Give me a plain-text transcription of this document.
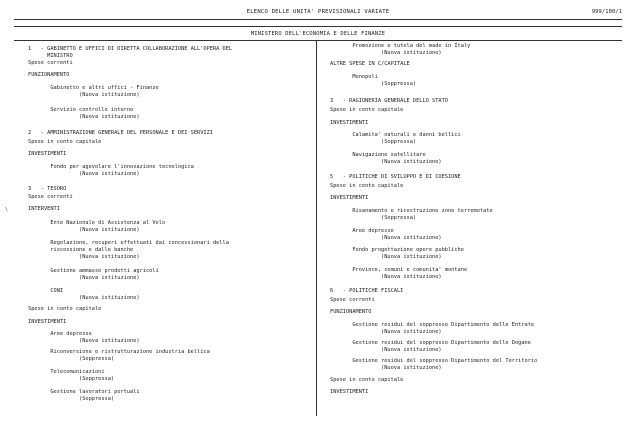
ELENCO DELLE UNITA' PREVISIONALI VARIATE	999/100/1
MINISTERO DELL'ECONOMIA E DELLE FINANZE
\
1   - GABINETTO E UFFICI DI DIRETTA COLLABORAZIONE ALL'OPERA DEL
MINISTRO
Spese correnti
FUNZIONAMENTO
Gabinetto e altri uffici - Finanze
(Nuova istituzione)
Servizio controllo interno
(Nuova istituzione)
2   - AMMINISTRAZIONE GENERALE DEL PERSONALE E DEI SERVIZI
Spese in conto capitale
INVESTIMENTI
Fondo per agevolare l'innovazione tecnologica
(Nuova istituzione)
3   - TESORO
Spese correnti
INTERVENTI
Ente Nazionale di Assistenza al Volo
(Nuova istituzione)
Regolazione, recuperi effettuati dai concessionari della
riscossione e dalle banche
(Nuova istituzione)
Gestione ammasso prodotti agricoli
(Nuova istituzione)
CONI
(Nuova istituzione)
Spese in conto capitale
INVESTIMENTI
Aree depresse
(Nuova istituzione)
Riconversione e ristrutturazione industria bellica
(Soppressa)
Telecomunicazioni
(Soppressa)
Gestione lavoratori portuali
(Soppressa)
Promozione e tutela del made in Italy
(Nuova istituzione)
ALTRE SPESE IN C/CAPITALE
Monopoli
(Soppressa)
3   - RAGIONERIA GENERALE DELLO STATO
Spese in conto capitale
INVESTIMENTI
Calamita' naturali e danni bellici
(Soppressa)
Navigazione satellitare
(Nuova istituzione)
5   - POLITICHE DI SVILUPPO E DI COESIONE
Spese in conto capitale
INVESTIMENTI
Risanamento e ricostruzione zone terremotate
(Soppressa)
Aree depresse
(Nuova istituzione)
Fondo progettazione opere pubbliche
(Nuova istituzione)
Province, comuni e comunita' montane
(Nuova istituzione)
6   - POLITICHE FISCALI
Spese correnti
FUNZIONAMENTO
Gestione residui del soppresso Dipartimento delle Entrate
(Nuova istituzione)
Gestione residui del soppresso Dipartimento delle Dogane
(Nuova istituzione)
Gestione residui del soppresso Dipartimento del Territorio
(Nuova istituzione)
Spese in conto capitale
INVESTIMENTI
